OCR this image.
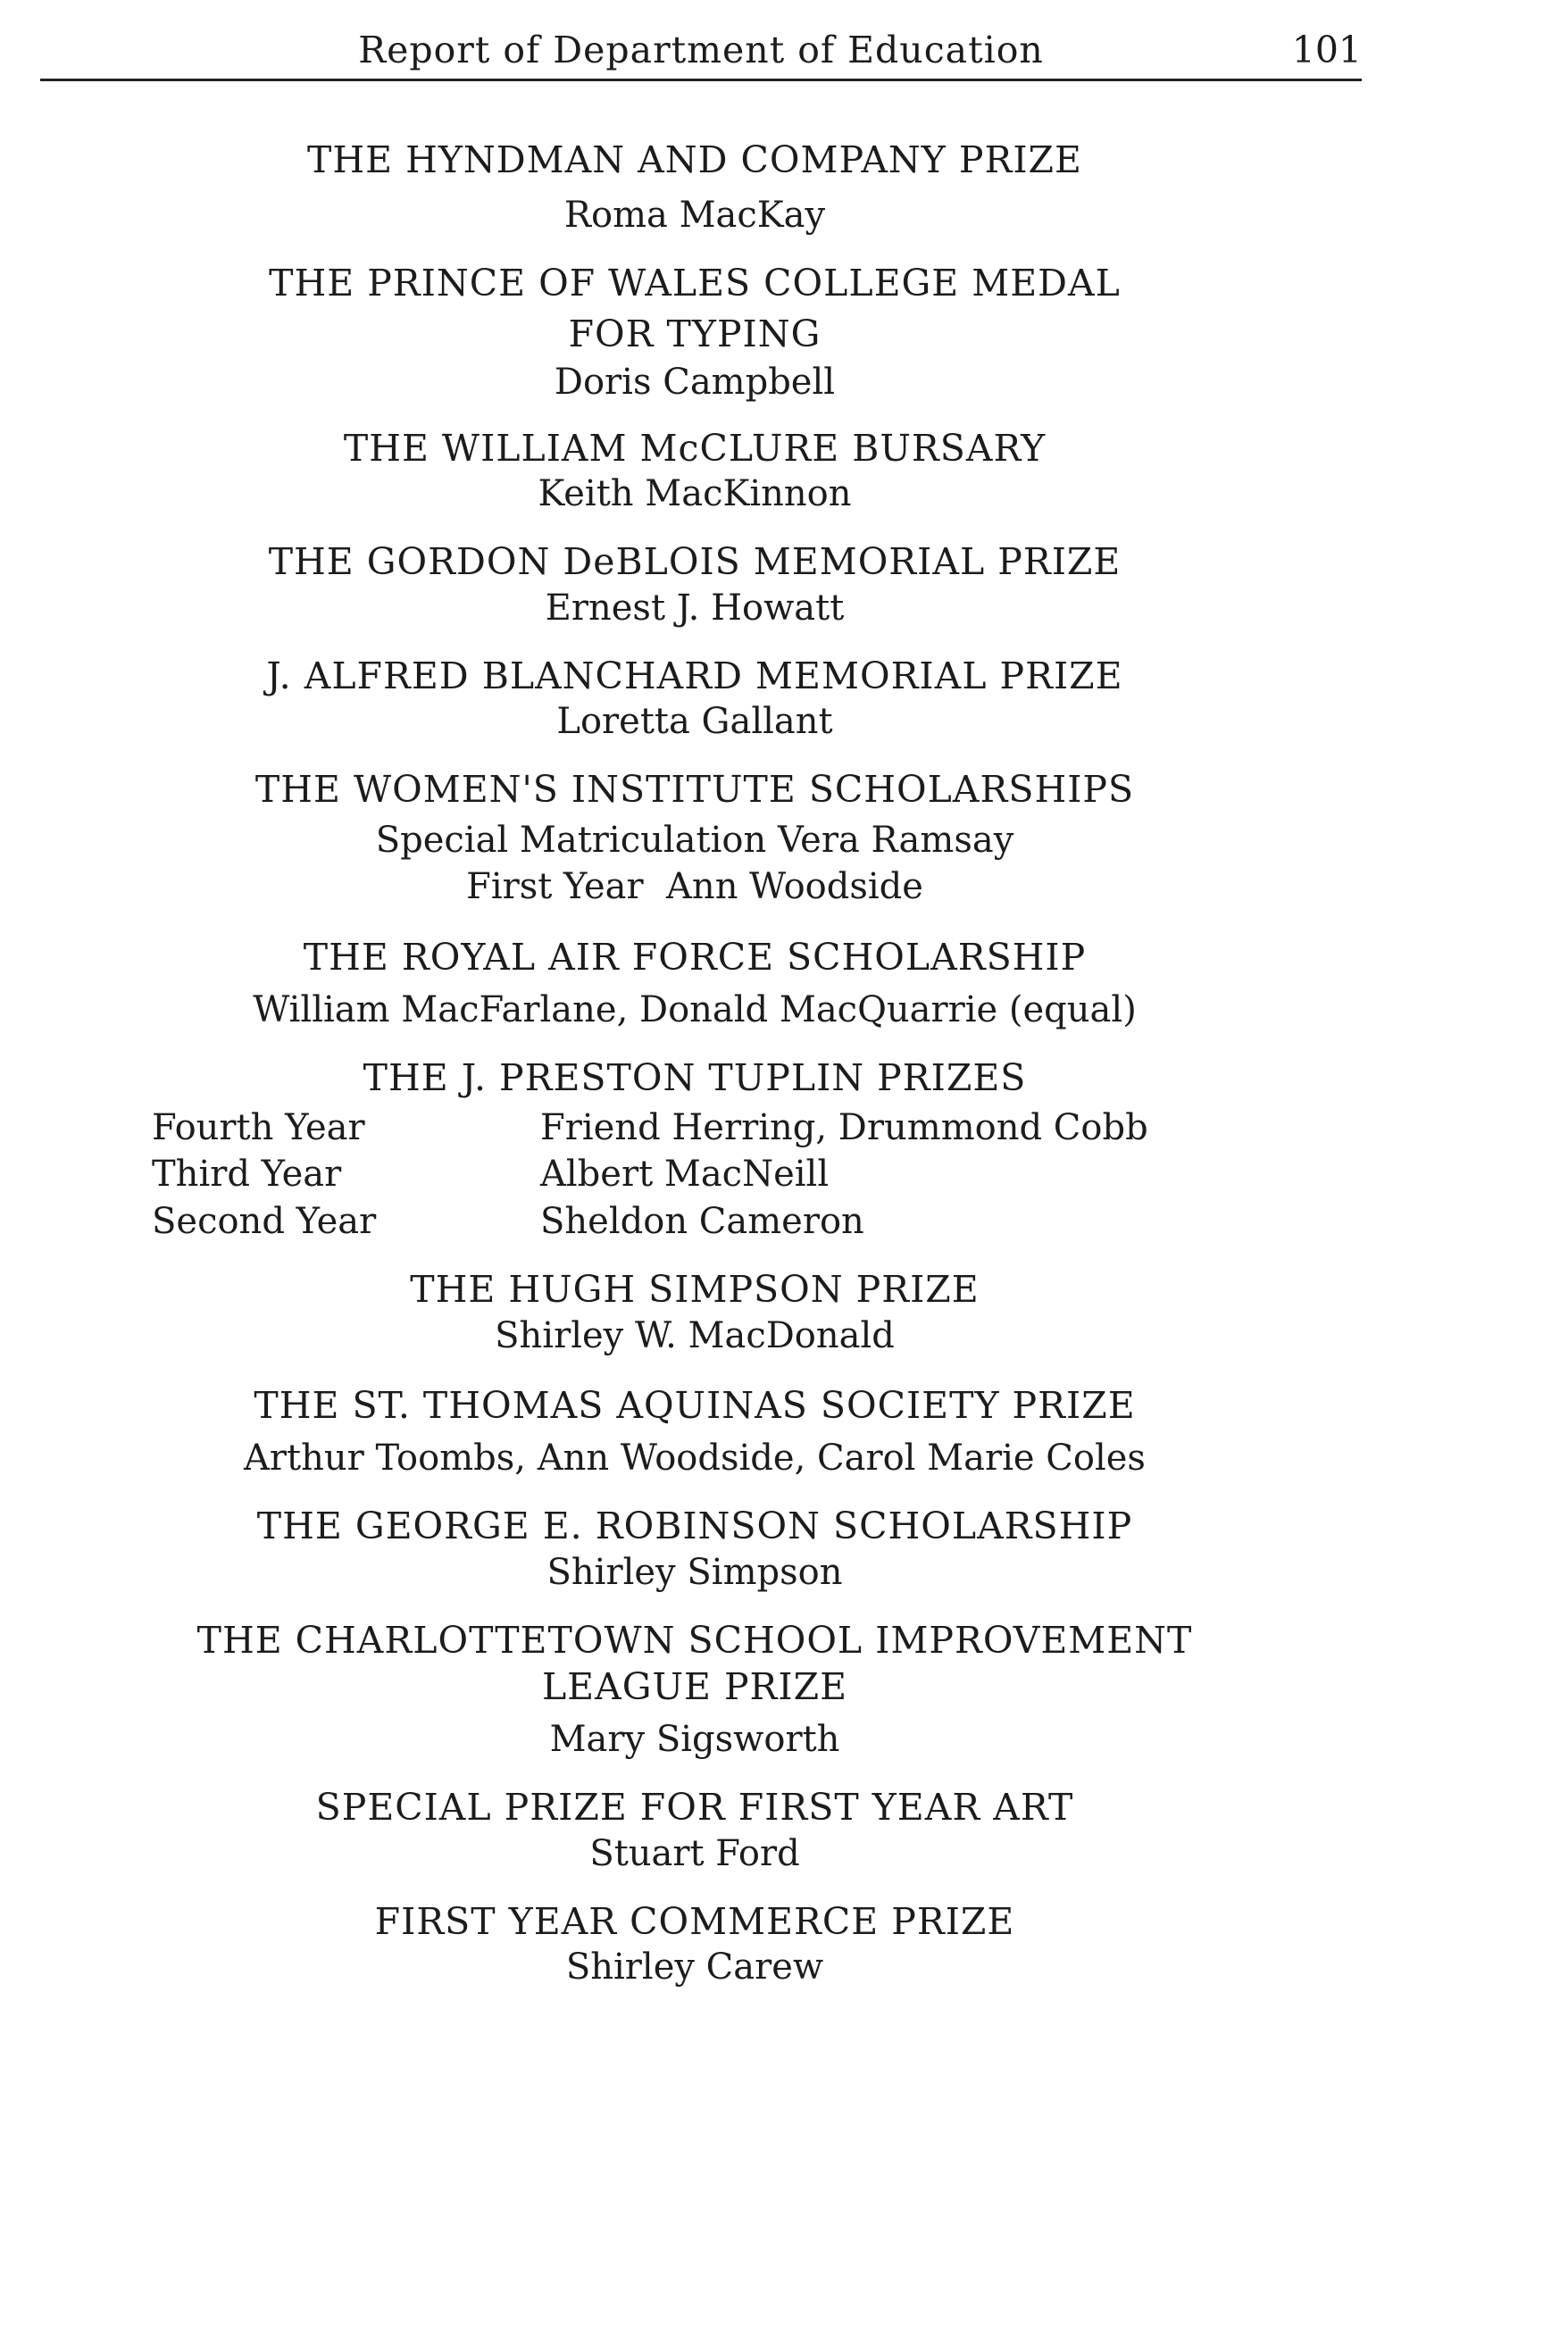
Report of Department of Education	101
THE HYNDMAN AND COMPANY PRIZE
Roma MacKay
THE PRINCE OF WALES COLLEGE MEDAL
FOR TYPING
Doris Campbell
THE WILLIAM McCLURE BURSARY
Keith MacKinnon
THE GORDON DeBLOIS MEMORIAL PRIZE
Ernest J. Howatt
J. ALFRED BLANCHARD MEMORIAL PRIZE
Loretta Gallant
THE WOMEN'S INSTITUTE SCHOLARSHIPS
Special Matriculation Vera Ramsay
First Year  Ann Woodside
THE ROYAL AIR FORCE SCHOLARSHIP
William MacFarlane, Donald MacQuarrie (equal)
THE J. PRESTON TUPLIN PRIZES
Fourth Year	Friend Herring, Drummond Cobb
Third Year	Albert MacNeill
Second Year	Sheldon Cameron
THE HUGH SIMPSON PRIZE
Shirley W. MacDonald
THE ST. THOMAS AQUINAS SOCIETY PRIZE
Arthur Toombs, Ann Woodside, Carol Marie Coles
THE GEORGE E. ROBINSON SCHOLARSHIP
Shirley Simpson
THE CHARLOTTETOWN SCHOOL IMPROVEMENT
LEAGUE PRIZE
Mary Sigsworth
SPECIAL PRIZE FOR FIRST YEAR ART
Stuart Ford
FIRST YEAR COMMERCE PRIZE
Shirley Carew
